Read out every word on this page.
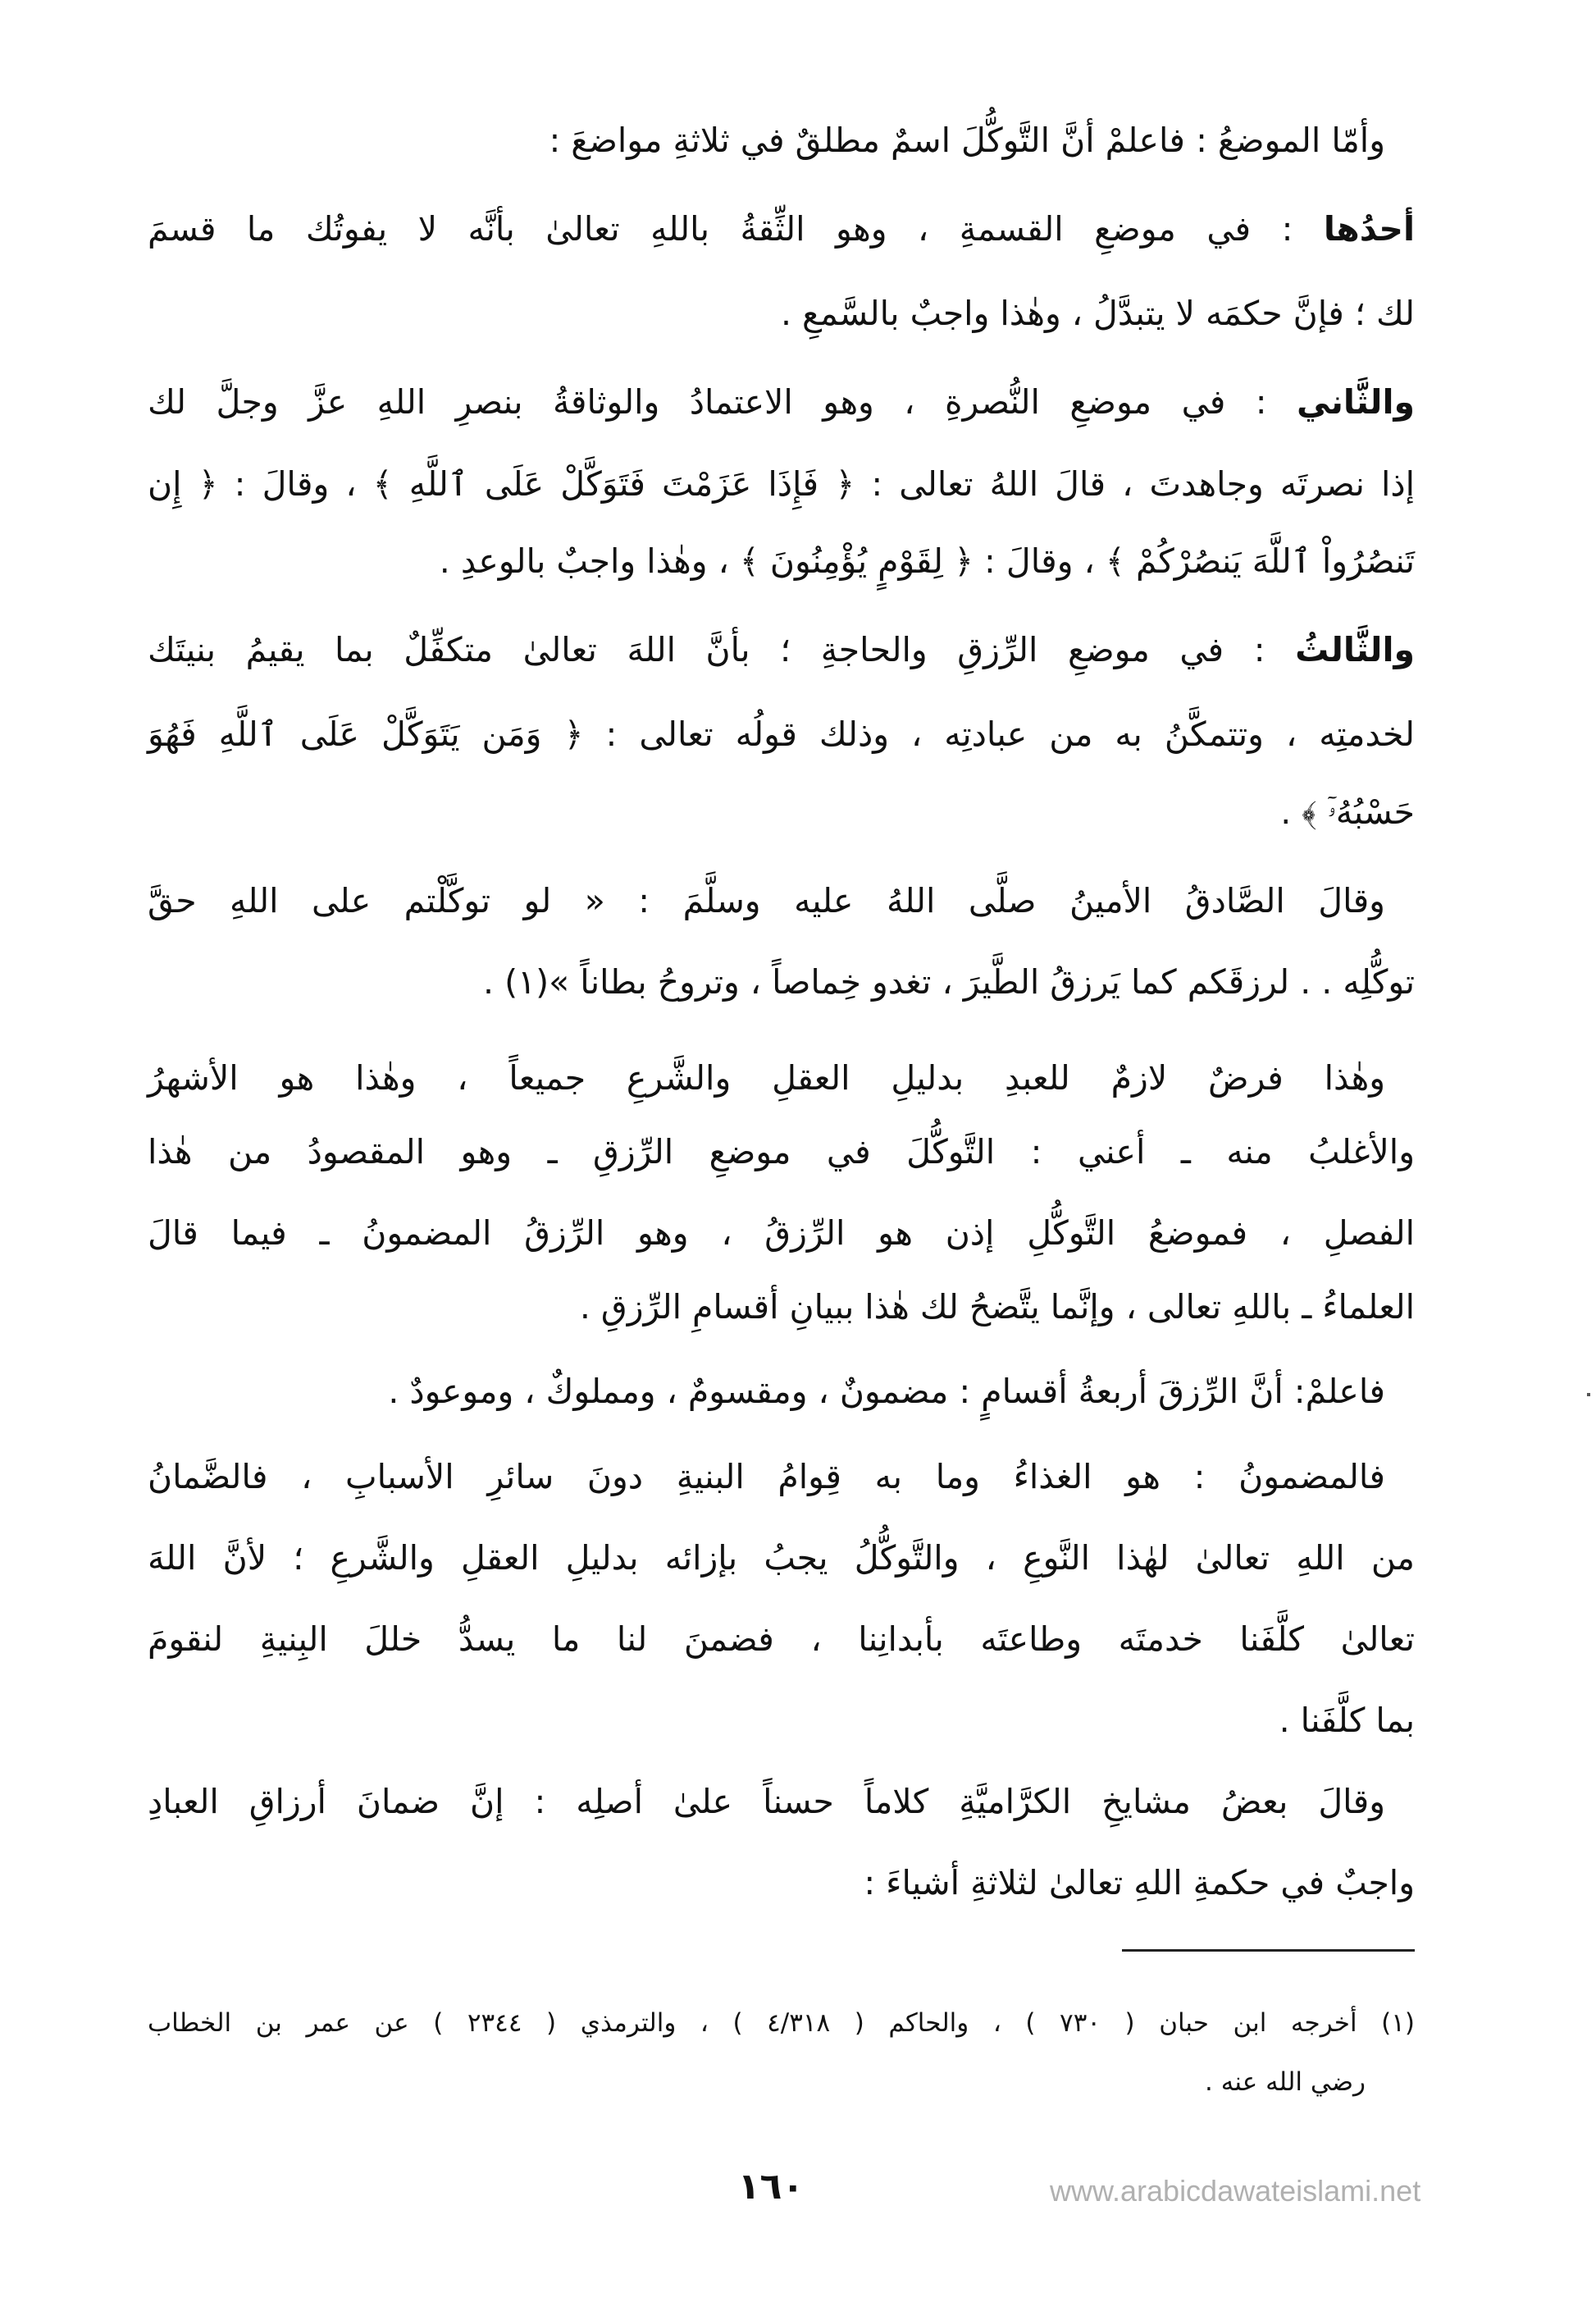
وأمّا الموضعُ : فاعلمْ أنَّ التَّوكُّلَ اسمٌ مطلقٌ في ثلاثةِ مواضعَ :
أحدُها : في موضعِ القسمةِ ، وهو الثِّقةُ باللهِ تعالىٰ بأنَّه لا يفوتُك ما قسمَ
لك ؛ فإنَّ حكمَه لا يتبدَّلُ ، وهٰذا واجبٌ بالسَّمعِ .
والثَّاني : في موضعِ النُّصرةِ ، وهو الاعتمادُ والوثاقةُ بنصرِ اللهِ عزَّ وجلَّ لك
إذا نصرتَه وجاهدتَ ، قالَ اللهُ تعالى : ﴿ فَإِذَا عَزَمْتَ فَتَوَكَّلْ عَلَى ٱللَّهِ ﴾ ، وقالَ : ﴿ إِن
تَنصُرُواْ ٱللَّهَ يَنصُرْكُمْ ﴾ ، وقالَ : ﴿ لِقَوْمٍ يُؤْمِنُونَ ﴾ ، وهٰذا واجبٌ بالوعدِ .
والثَّالثُ : في موضعِ الرِّزقِ والحاجةِ ؛ بأنَّ اللهَ تعالىٰ متكفِّلٌ بما يقيمُ بنيتَك
لخدمتِه ، وتتمكَّنُ به من عبادتِه ، وذلك قولُه تعالى : ﴿ وَمَن يَتَوَكَّلْ عَلَى ٱللَّهِ فَهُوَ
حَسْبُهُۥٓ ﴾ .
وقالَ الصَّادقُ الأمينُ صلَّى اللهُ عليه وسلَّمَ : « لو توكَّلْتم على اللهِ حقَّ
توكُّلِه . . لرزقَكم كما يَرزقُ الطَّيرَ ، تغدو خِماصاً ، وتروحُ بطاناً »(١) .
وهٰذا فرضٌ لازمٌ للعبدِ بدليلِ العقلِ والشَّرعِ جميعاً ، وهٰذا هو الأشهرُ
والأغلبُ منه ـ أعني : التَّوكُّلَ في موضعِ الرِّزقِ ـ وهو المقصودُ من هٰذا
الفصلِ ، فموضعُ التَّوكُّلِ إذن هو الرِّزقُ ، وهو الرِّزقُ المضمونُ ـ فيما قالَ
العلماءُ ـ باللهِ تعالى ، وإنَّما يتَّضحُ لك هٰذا ببيانِ أقسامِ الرِّزقِ .
فاعلمْ: أنَّ الرِّزقَ أربعةُ أقسامٍ : مضمونٌ ، ومقسومٌ ، ومملوكٌ ، وموعودٌ .
فالمضمونُ : هو الغذاءُ وما به قِوامُ البنيةِ دونَ سائرِ الأسبابِ ، فالضَّمانُ
من اللهِ تعالىٰ لهٰذا النَّوعِ ، والتَّوكُّلُ يجبُ بإزائه بدليلِ العقلِ والشَّرعِ ؛ لأنَّ اللهَ
تعالىٰ كلَّفَنا خدمتَه وطاعتَه بأبدانِنا ، فضمنَ لنا ما يسدُّ خللَ البِنيةِ لنقومَ
بما كلَّفَنا .
وقالَ بعضُ مشايخِ الكرَّاميَّةِ كلاماً حسناً علىٰ أصلِه : إنَّ ضمانَ أرزاقِ العبادِ
واجبٌ في حكمةِ اللهِ تعالىٰ لثلاثةِ أشياءَ :
(١) أخرجه ابن حبان ( ٧٣٠ ) ، والحاكم ( ٤/٣١٨ ) ، والترمذي ( ٢٣٤٤ ) عن عمر بن الخطاب
رضي الله عنه .
١٦٠	www.arabicdawateislami.net
